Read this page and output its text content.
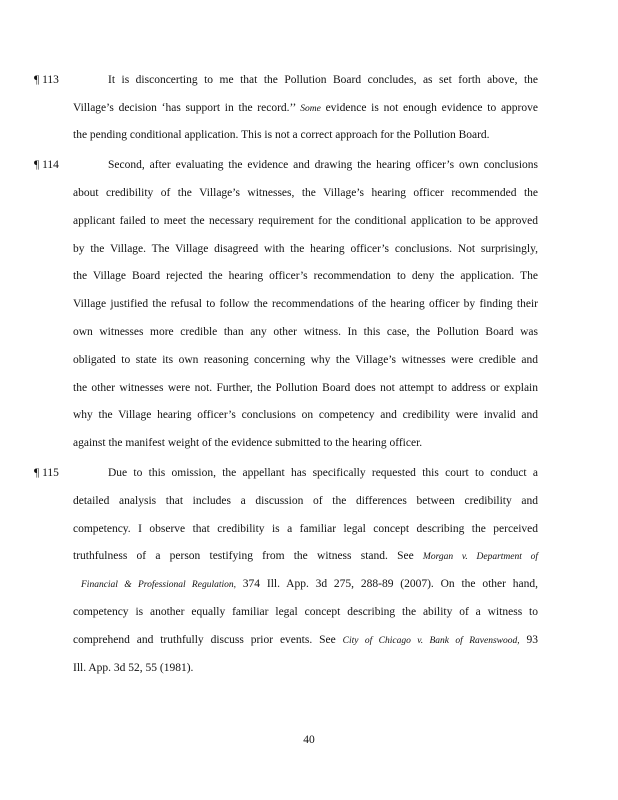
¶ 113	It is disconcerting to me that the Pollution Board concludes, as set forth above, the
Village’s decision ‘has support in the record.’’ Some evidence is not enough evidence to approve
the pending conditional application. This is not a correct approach for the Pollution Board.
¶ 114	Second, after evaluating the evidence and drawing the hearing officer’s own conclusions
about credibility of the Village’s witnesses, the Village’s hearing officer recommended the
applicant failed to meet the necessary requirement for the conditional application to be approved
by the Village. The Village disagreed with the hearing officer’s conclusions. Not surprisingly,
the Village Board rejected the hearing officer’s recommendation to deny the application. The
Village justified the refusal to follow the recommendations of the hearing officer by finding their
own witnesses more credible than any other witness. In this case, the Pollution Board was
obligated to state its own reasoning concerning why the Village’s witnesses were credible and
the other witnesses were not. Further, the Pollution Board does not attempt to address or explain
why the Village hearing officer’s conclusions on competency and credibility were invalid and
against the manifest weight of the evidence submitted to the hearing officer.
¶ 115	Due to this omission, the appellant has specifically requested this court to conduct a
detailed analysis that includes a discussion of the differences between credibility and
competency. I observe that credibility is a familiar legal concept describing the perceived
truthfulness of a person testifying from the witness stand. See Morgan v. Department of
Financial & Professional Regulation, 374 Ill. App. 3d 275, 288-89 (2007). On the other hand,
competency is another equally familiar legal concept describing the ability of a witness to
comprehend and truthfully discuss prior events. See City of Chicago v. Bank of Ravenswood, 93
Ill. App. 3d 52, 55 (1981).
40
